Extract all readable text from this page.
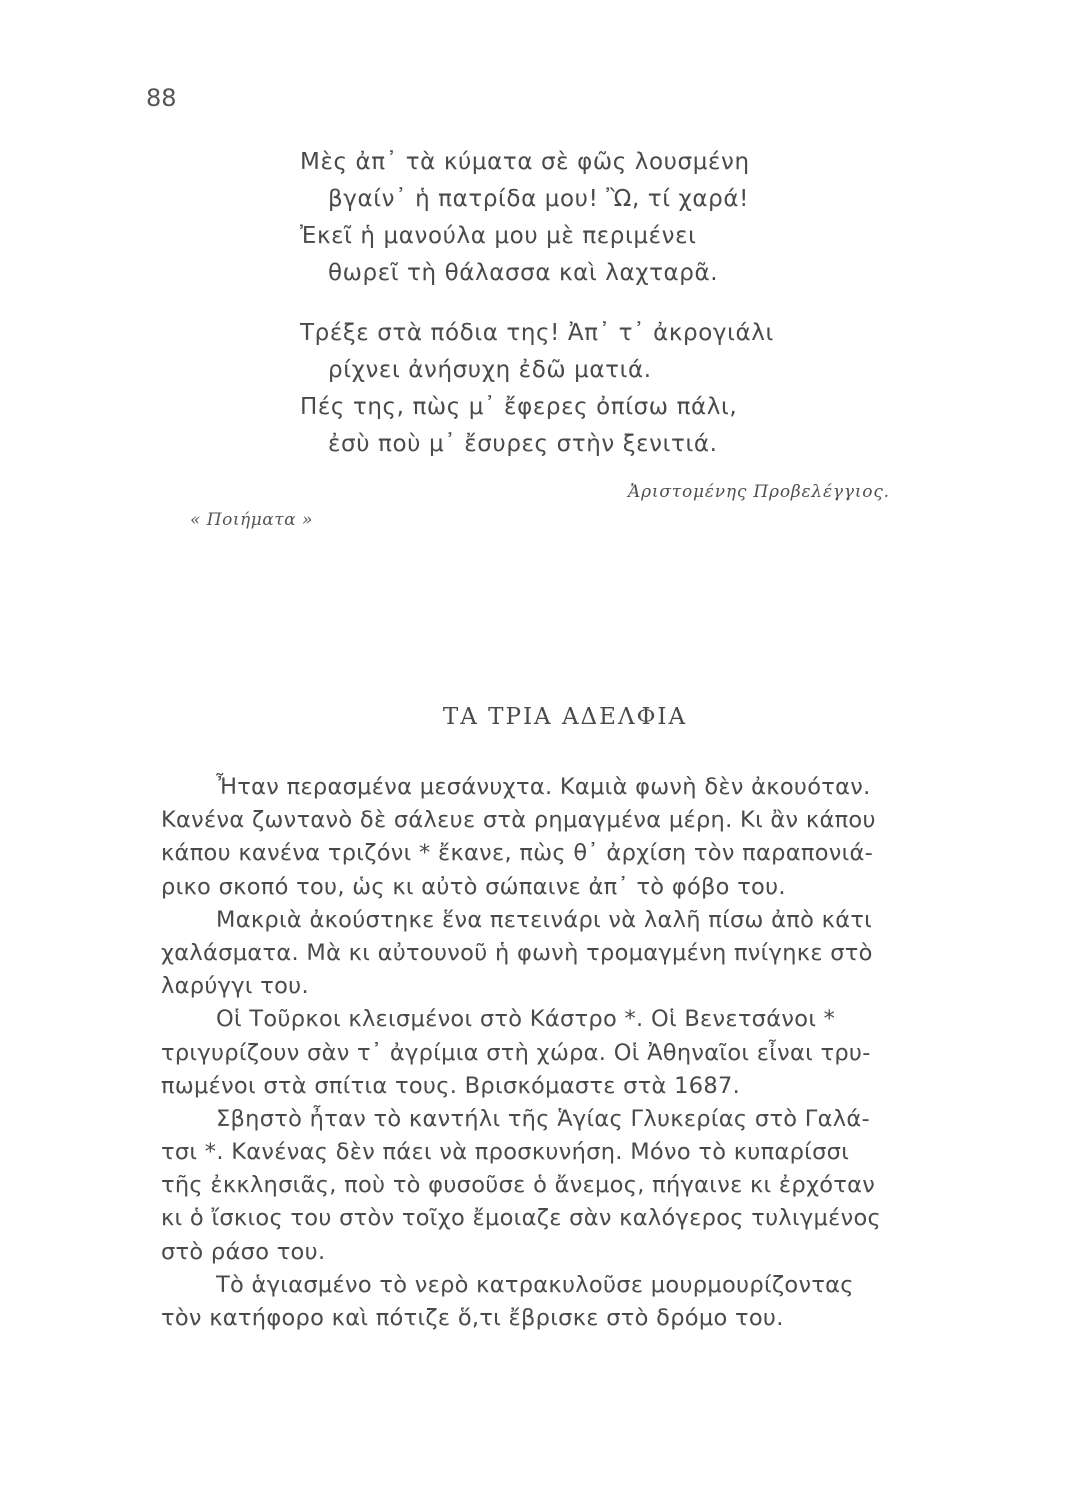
88
Μὲς ἀπ᾿ τὰ κύματα σὲ φῶς λουσμένη
βγαίν᾿ ἡ πατρίδα μου! Ὢ, τί χαρά!
Ἐκεῖ ἡ μανούλα μου μὲ περιμένει
θωρεῖ τὴ θάλασσα καὶ λαχταρᾶ.
Τρέξε στὰ πόδια της! Ἀπ᾿ τ᾿ ἀκρογιάλι
ρίχνει ἀνήσυχη ἐδῶ ματιά.
Πές της, πὼς μ᾿ ἔφερες ὀπίσω πάλι,
ἐσὺ ποὺ μ᾿ ἔσυρες στὴν ξενιτιά.
Ἀριστομένης Προβελέγγιος.
« Ποιήματα »
ΤΑ ΤΡΙΑ ΑΔΕΛΦΙΑ
Ἦταν περασμένα μεσάνυχτα. Καμιὰ φωνὴ δὲν ἀκουόταν.
Κανένα ζωντανὸ δὲ σάλευε στὰ ρημαγμένα μέρη. Κι ἂν κάπου
κάπου κανένα τριζόνι * ἔκανε, πὼς θ᾿ ἀρχίση τὸν παραπονιά-
ρικο σκοπό του, ὡς κι αὐτὸ σώπαινε ἀπ᾿ τὸ φόβο του.
Μακριὰ ἀκούστηκε ἕνα πετεινάρι νὰ λαλῆ πίσω ἀπὸ κάτι
χαλάσματα. Μὰ κι αὐτουνοῦ ἡ φωνὴ τρομαγμένη πνίγηκε στὸ
λαρύγγι του.
Οἱ Τοῦρκοι κλεισμένοι στὸ Κάστρο *. Οἱ Βενετσάνοι *
τριγυρίζουν σὰν τ᾿ ἀγρίμια στὴ χώρα. Οἱ Ἀθηναῖοι εἶναι τρυ-
πωμένοι στὰ σπίτια τους. Βρισκόμαστε στὰ 1687.
Σβηστὸ ἦταν τὸ καντήλι τῆς Ἁγίας Γλυκερίας στὸ Γαλά-
τσι *. Κανένας δὲν πάει νὰ προσκυνήση. Μόνο τὸ κυπαρίσσι
τῆς ἐκκλησιᾶς, ποὺ τὸ φυσοῦσε ὁ ἄνεμος, πήγαινε κι ἐρχόταν
κι ὁ ἴσκιος του στὸν τοῖχο ἔμοιαζε σὰν καλόγερος τυλιγμένος
στὸ ράσο του.
Τὸ ἁγιασμένο τὸ νερὸ κατρακυλοῦσε μουρμουρίζοντας
τὸν κατήφορο καὶ πότιζε ὅ,τι ἔβρισκε στὸ δρόμο του.
